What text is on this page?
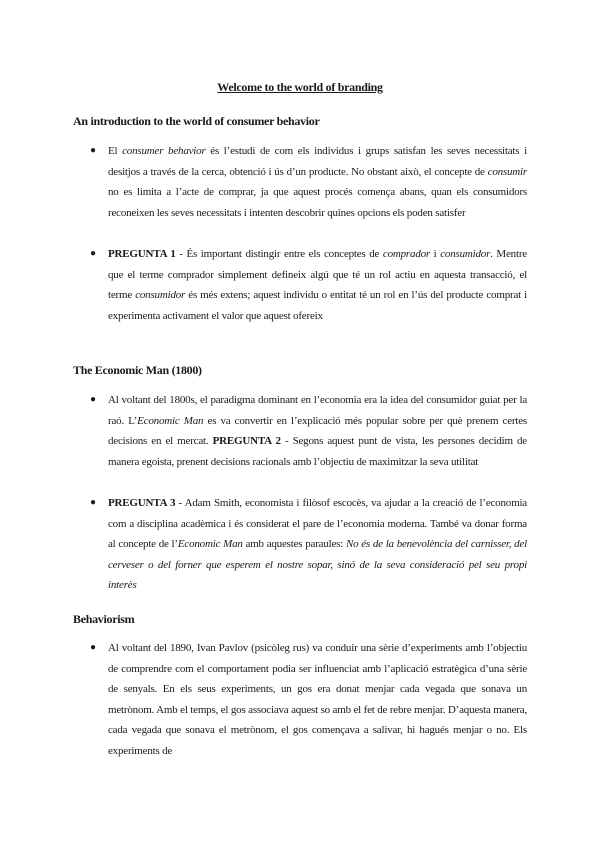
Welcome to the world of branding
An introduction to the world of consumer behavior
● El consumer behavior és l’estudi de com els individus i grups satisfan les seves necessitats i desitjos a través de la cerca, obtenció i ús d’un producte. No obstant això, el concepte de consumir no es limita a l’acte de comprar, ja que aquest procés comença abans, quan els consumidors reconeixen les seves necessitats i intenten descobrir quines opcions els poden satisfer
● PREGUNTA 1 - És important distingir entre els conceptes de comprador i consumidor. Mentre que el terme comprador simplement defineix algú que té un rol actiu en aquesta transacció, el terme consumidor és més extens; aquest individu o entitat té un rol en l’ús del producte comprat i experimenta activament el valor que aquest ofereix
The Economic Man (1800)
● Al voltant del 1800s, el paradigma dominant en l’economia era la idea del consumidor guiat per la raó. L’Economic Man es va convertir en l’explicació més popular sobre per què prenem certes decisions en el mercat. PREGUNTA 2 - Segons aquest punt de vista, les persones decidim de manera egoista, prenent decisions racionals amb l’objectiu de maximitzar la seva utilitat
● PREGUNTA 3 - Adam Smith, economista i filòsof escocès, va ajudar a la creació de l’economia com a disciplina acadèmica i és considerat el pare de l’economia moderna. També va donar forma al concepte de l’Economic Man amb aquestes paraules: No és de la benevolència del carnisser, del cerveser o del forner que esperem el nostre sopar, sinó de la seva consideració pel seu propi interès
Behaviorism
● Al voltant del 1890, Ivan Pavlov (psicòleg rus) va conduir una sèrie d’experiments amb l’objectiu de comprendre com el comportament podia ser influenciat amb l’aplicació estratègica d’una sèrie de senyals. En els seus experiments, un gos era donat menjar cada vegada que sonava un metrònom. Amb el temps, el gos associava aquest so amb el fet de rebre menjar. D’aquesta manera, cada vegada que sonava el metrònom, el gos començava a salivar, hi hagués menjar o no. Els experiments de
